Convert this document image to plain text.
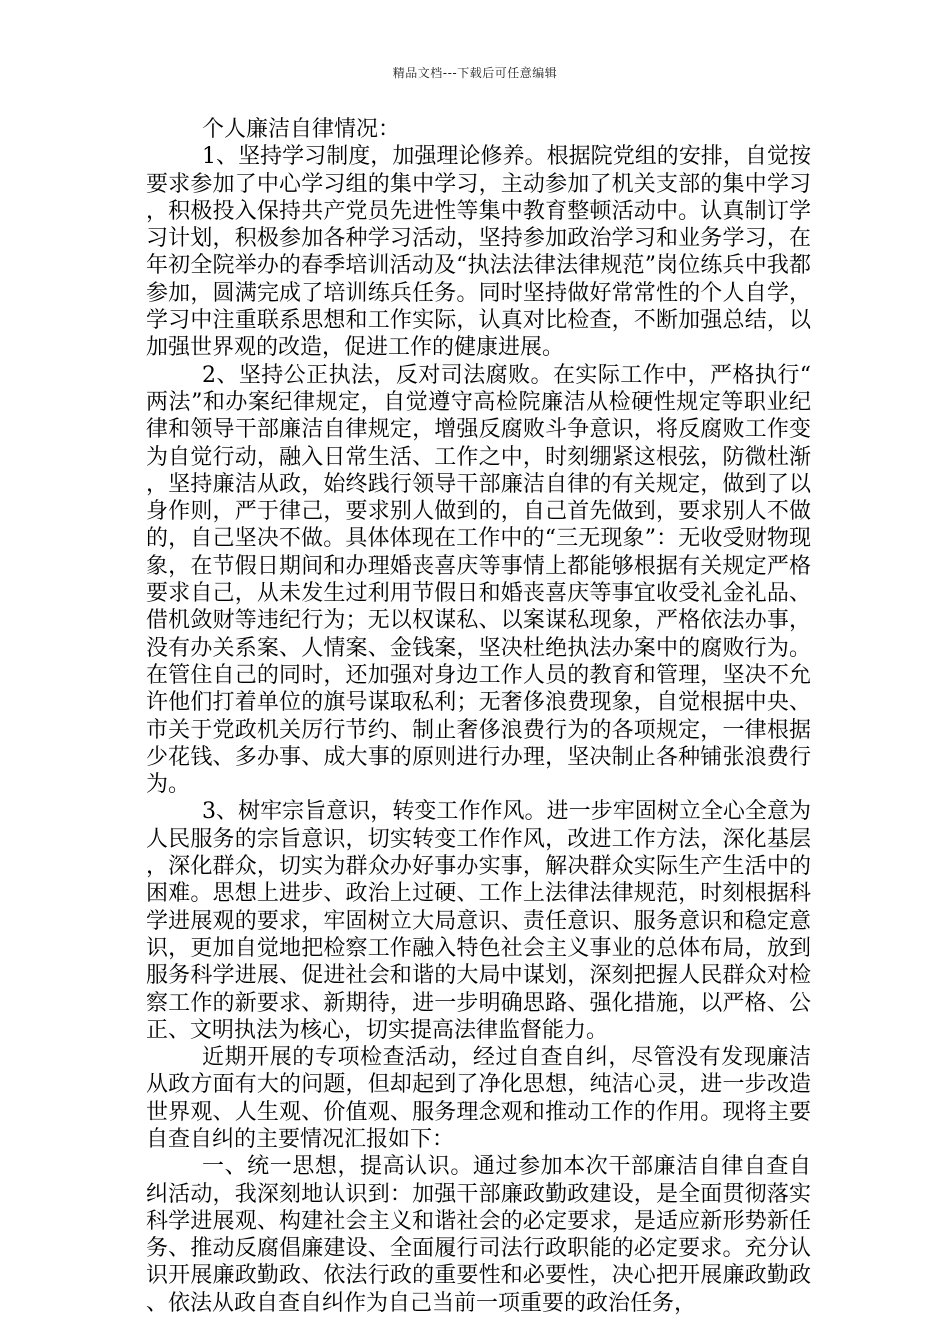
精品文档---下载后可任意编辑

个人廉洁自律情况：

1、坚持学习制度，加强理论修养。根据院党组的安排，自觉按要求参加了中心学习组的集中学习，主动参加了机关支部的集中学习，积极投入保持共产党员先进性等集中教育整顿活动中。认真制订学习计划，积极参加各种学习活动，坚持参加政治学习和业务学习，在年初全院举办的春季培训活动及“执法法律法律规范”岗位练兵中我都参加，圆满完成了培训练兵任务。同时坚持做好常常性的个人自学，学习中注重联系思想和工作实际，认真对比检查，不断加强总结，以加强世界观的改造，促进工作的健康进展。

2、坚持公正执法，反对司法腐败。在实际工作中，严格执行“两法”和办案纪律规定，自觉遵守高检院廉洁从检硬性规定等职业纪律和领导干部廉洁自律规定，增强反腐败斗争意识，将反腐败工作变为自觉行动，融入日常生活、工作之中，时刻绷紧这根弦，防微杜渐，坚持廉洁从政，始终践行领导干部廉洁自律的有关规定，做到了以身作则，严于律己，要求别人做到的，自己首先做到，要求别人不做的，自己坚决不做。具体体现在工作中的“三无现象”：无收受财物现象，在节假日期间和办理婚丧喜庆等事情上都能够根据有关规定严格要求自己，从未发生过利用节假日和婚丧喜庆等事宜收受礼金礼品、借机敛财等违纪行为；无以权谋私、以案谋私现象，严格依法办事，没有办关系案、人情案、金钱案，坚决杜绝执法办案中的腐败行为。在管住自己的同时，还加强对身边工作人员的教育和管理，坚决不允许他们打着单位的旗号谋取私利；无奢侈浪费现象，自觉根据中央、市关于党政机关厉行节约、制止奢侈浪费行为的各项规定，一律根据少花钱、多办事、成大事的原则进行办理，坚决制止各种铺张浪费行为。

3、树牢宗旨意识，转变工作作风。进一步牢固树立全心全意为人民服务的宗旨意识，切实转变工作作风，改进工作方法，深化基层，深化群众，切实为群众办好事办实事，解决群众实际生产生活中的困难。思想上进步、政治上过硬、工作上法律法律规范，时刻根据科学进展观的要求，牢固树立大局意识、责任意识、服务意识和稳定意识，更加自觉地把检察工作融入特色社会主义事业的总体布局，放到服务科学进展、促进社会和谐的大局中谋划，深刻把握人民群众对检察工作的新要求、新期待，进一步明确思路、强化措施，以严格、公正、文明执法为核心，切实提高法律监督能力。

近期开展的专项检查活动，经过自查自纠，尽管没有发现廉洁从政方面有大的问题，但却起到了净化思想，纯洁心灵，进一步改造世界观、人生观、价值观、服务理念观和推动工作的作用。现将主要自查自纠的主要情况汇报如下：

一、统一思想，提高认识。通过参加本次干部廉洁自律自查自纠活动，我深刻地认识到：加强干部廉政勤政建设，是全面贯彻落实科学进展观、构建社会主义和谐社会的必定要求，是适应新形势新任务、推动反腐倡廉建设、全面履行司法行政职能的必定要求。充分认识开展廉政勤政、依法行政的重要性和必要性，决心把开展廉政勤政、依法从政自查自纠作为自己当前一项重要的政治任务，
